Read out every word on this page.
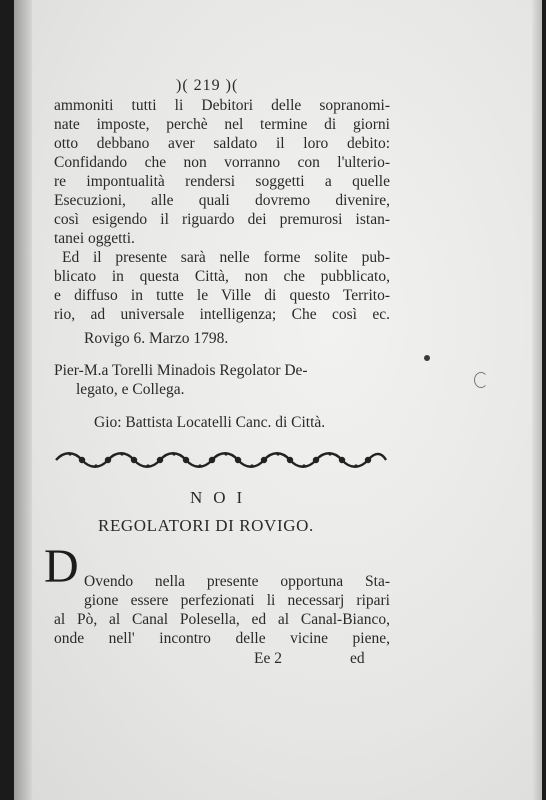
)( 219 )(
ammoniti tutti li Debitori delle sopranomi-
nate imposte, perchè nel termine di giorni
otto debbano aver saldato il loro debito:
Confidando che non vorranno con l'ulterio-
re impontualità rendersi soggetti a quelle
Esecuzioni, alle quali dovremo divenire,
così esigendo il riguardo dei premurosi istan-
tanei oggetti.
Ed il presente sarà nelle forme solite pub-
blicato in questa Città, non che pubblicato,
e diffuso in tutte le Ville di questo Territo-
rio, ad universale intelligenza; Che così ec.
Rovigo 6. Marzo 1798.
Pier-M.a Torelli Minadois Regolator De-
legato, e Collega.
Gio: Battista Locatelli Canc. di Città.
NOI
REGOLATORI DI ROVIGO.
D Ovendo nella presente opportuna Sta-
gione essere perfezionati li necessarj ripari
al Pò, al Canal Polesella, ed al Canal-Bianco,
onde nell' incontro delle vicine piene,
Ee 2	ed
